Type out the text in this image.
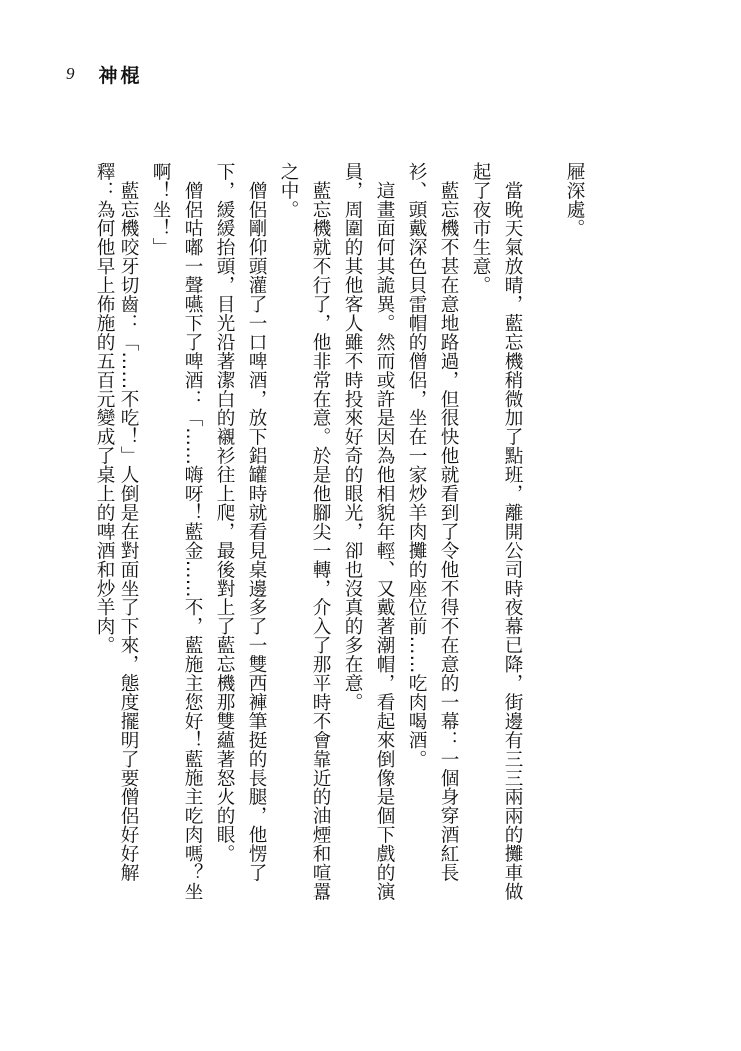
9 神棍
屜深處。
　當晚天氣放晴，藍忘機稍微加了點班，離開公司時夜幕已降，街邊有三三兩兩的攤車做
起了夜市生意。
　藍忘機不甚在意地路過，但很快他就看到了令他不得不在意的一幕：一個身穿酒紅長
衫、頭戴深色貝雷帽的僧侶，坐在一家炒羊肉攤的座位前……吃肉喝酒。
　這畫面何其詭異。然而或許是因為他相貌年輕、又戴著潮帽，看起來倒像是個下戲的演
員，周圍的其他客人雖不時投來好奇的眼光，卻也沒真的多在意。
　藍忘機就不行了，他非常在意。於是他腳尖一轉，介入了那平時不會靠近的油煙和喧囂
之中。
　僧侶剛仰頭灌了一口啤酒，放下鋁罐時就看見桌邊多了一雙西褲筆挺的長腿，他愣了
下，緩緩抬頭，目光沿著潔白的襯衫往上爬，最後對上了藍忘機那雙蘊著怒火的眼。
　僧侶咕嘟一聲嚥下了啤酒：「……嗨呀！藍金……不，藍施主您好！藍施主吃肉嗎？坐
啊！坐！」
　藍忘機咬牙切齒：「……不吃！」人倒是在對面坐了下來，態度擺明了要僧侶好好解
釋：為何他早上佈施的五百元變成了桌上的啤酒和炒羊肉。
